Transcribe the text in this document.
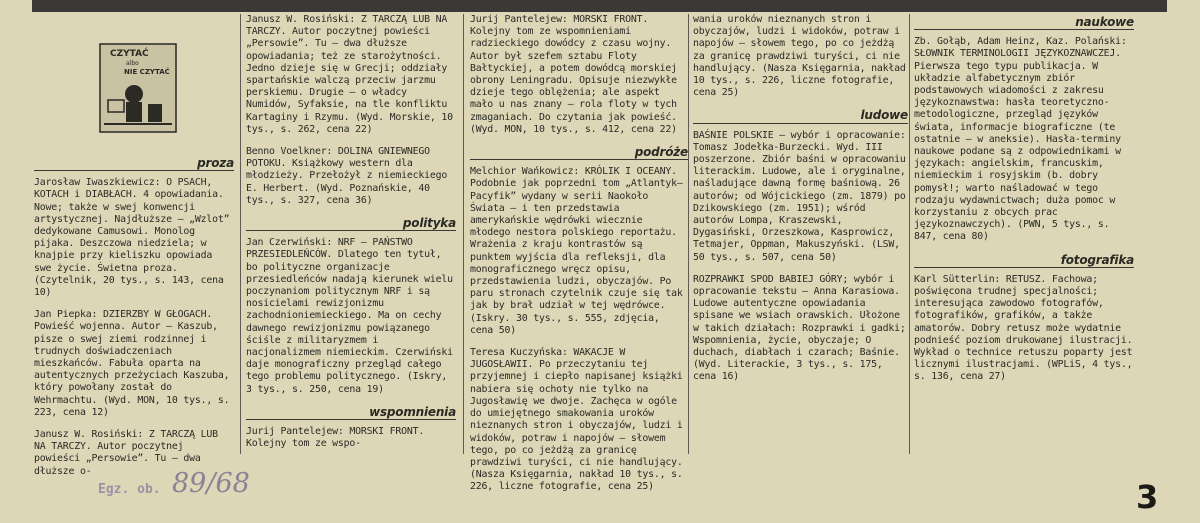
CZYTAĆ
albo
NIE CZYTAĆ
proza

Jarosław Iwaszkiewicz: O PSACH, KOTACH i DIABŁACH. 4 opowiadania. Nowe; także w swej konwencji artystycznej. Najdłuższe — „Wzlot” dedykowane Camusowi. Monolog pijaka. Deszczowa niedziela; w knajpie przy kieliszku opowiada swe życie. Świetna proza. (Czytelnik, 20 tys., s. 143, cena 10)

Jan Piepka: DZIERZBY W GŁOGACH. Powieść wojenna. Autor — Kaszub, pisze o swej ziemi rodzinnej i trudnych doświadczeniach mieszkańców. Fabuła oparta na autentycznych przeżyciach Kaszuba, który powołany został do Wehrmachtu. (Wyd. MON, 10 tys., s. 223, cena 12)

Janusz W. Rosiński: Z TARCZĄ LUB NA TARCZY. Autor poczytnej powieści „Persowie”. Tu — dwa dłuższe o-

Janusz W. Rosiński: Z TARCZĄ LUB NA TARCZY. Autor poczytnej powieści „Persowie”. Tu — dwa dłuższe opowiadania; też ze starożytności. Jedno dzieje się w Grecji; oddziały spartańskie walczą przeciw jarzmu perskiemu. Drugie — o władcy Numidów, Syfaksie, na tle konfliktu Kartaginy i Rzymu. (Wyd. Morskie, 10 tys., s. 262, cena 22)

Benno Voelkner: DOLINA GNIEWNEGO POTOKU. Książkowy western dla młodzieży. Przełożył z niemieckiego E. Herbert. (Wyd. Poznańskie, 40 tys., s. 327, cena 36)

polityka

Jan Czerwiński: NRF — PAŃSTWO PRZESIEDLEŃCÓW. Dlatego ten tytuł, bo polityczne organizacje przesiedleńców nadają kierunek wielu poczynaniom politycznym NRF i są nosicielami rewizjonizmu zachodnioniemieckiego. Ma on cechy dawnego rewizjonizmu powiązanego ściśle z militaryzmem i nacjonalizmem niemieckim. Czerwiński daje monograficzny przegląd całego tego problemu politycznego. (Iskry, 3 tys., s. 250, cena 19)

wspomnienia

Jurij Pantelejew: MORSKI FRONT. Kolejny tom ze wspo-

Jurij Pantelejew: MORSKI FRONT. Kolejny tom ze wspomnieniami radzieckiego dowódcy z czasu wojny. Autor był szefem sztabu Floty Bałtyckiej, a potem dowódcą morskiej obrony Leningradu. Opisuje niezwykłe dzieje tego oblężenia; ale aspekt mało u nas znany — rola floty w tych zmaganiach. Do czytania jak powieść. (Wyd. MON, 10 tys., s. 412, cena 22)

podróże

Melchior Wańkowicz: KRÓLIK I OCEANY. Podobnie jak poprzedni tom „Atlantyk—Pacyfik” wydany w serii Naokoło Świata — i ten przedstawia amerykańskie wędrówki wiecznie młodego nestora polskiego reportażu. Wrażenia z kraju kontrastów są punktem wyjścia dla refleksji, dla monograficznego wręcz opisu, przedstawienia ludzi, obyczajów. Po paru stronach czytelnik czuje się tak jak by brał udział w tej wędrówce. (Iskry. 30 tys., s. 555, zdjęcia, cena 50)

Teresa Kuczyńska: WAKACJE W JUGOSŁAWII. Po przeczytaniu tej przyjemnej i ciepło napisanej książki nabiera się ochoty nie tylko na Jugosławię we dwoje. Zachęca w ogóle do umiejętnego smakowania uroków nieznanych stron i obyczajów, ludzi i widoków, potraw i napojów — słowem tego, po co jeżdżą za granicę prawdziwi turyści, ci nie handlujący. (Nasza Księgarnia, nakład 10 tys., s. 226, liczne fotografie, cena 25)

wania uroków nieznanych stron i obyczajów, ludzi i widoków, potraw i napojów — słowem tego, po co jeżdżą za granicę prawdziwi turyści, ci nie handlujący. (Nasza Księgarnia, nakład 10 tys., s. 226, liczne fotografie, cena 25)

ludowe

BAŚNIE POLSKIE — wybór i opracowanie: Tomasz Jodełka-Burzecki. Wyd. III poszerzone. Zbiór baśni w opracowaniu literackim. Ludowe, ale i oryginalne, naśladujące dawną formę baśniową. 26 autorów; od Wójcickiego (zm. 1879) po Dzikowskiego (zm. 1951); wśród autorów Lompa, Kraszewski, Dygasiński, Orzeszkowa, Kasprowicz, Tetmajer, Oppman, Makuszyński. (LSW, 50 tys., s. 507, cena 50)

ROZPRAWKI SPOD BABIEJ GÓRY; wybór i opracowanie tekstu — Anna Karasiowa. Ludowe autentyczne opowiadania spisane we wsiach orawskich. Ułożone w takich działach: Rozprawki i gadki; Wspomnienia, życie, obyczaje; O duchach, diabłach i czarach; Baśnie. (Wyd. Literackie, 3 tys., s. 175, cena 16)

naukowe

Zb. Gołąb, Adam Heinz, Kaz. Polański: SŁOWNIK TERMINOLOGII JĘZYKOZNAWCZEJ. Pierwsza tego typu publikacja. W układzie alfabetycznym zbiór podstawowych wiadomości z zakresu językoznawstwa: hasła teoretyczno-metodologiczne, przegląd języków świata, informacje biograficzne (te ostatnie — w aneksie). Hasła-terminy naukowe podane są z odpowiednikami w językach: angielskim, francuskim, niemieckim i rosyjskim (b. dobry pomysł!; warto naśladować w tego rodzaju wydawnictwach; duża pomoc w korzystaniu z obcych prac językoznawczych). (PWN, 5 tys., s. 847, cena 80)

fotografika

Karl Sütterlin: RETUSZ. Fachowa; poświęcona trudnej specjalności; interesująca zawodowo fotografów, fotografików, grafików, a także amatorów. Dobry retusz może wydatnie podnieść poziom drukowanej ilustracji. Wykład o technice retuszu poparty jest licznymi ilustracjami. (WPLiS, 4 tys., s. 136, cena 27)

Egz. ob. 89/68	3
